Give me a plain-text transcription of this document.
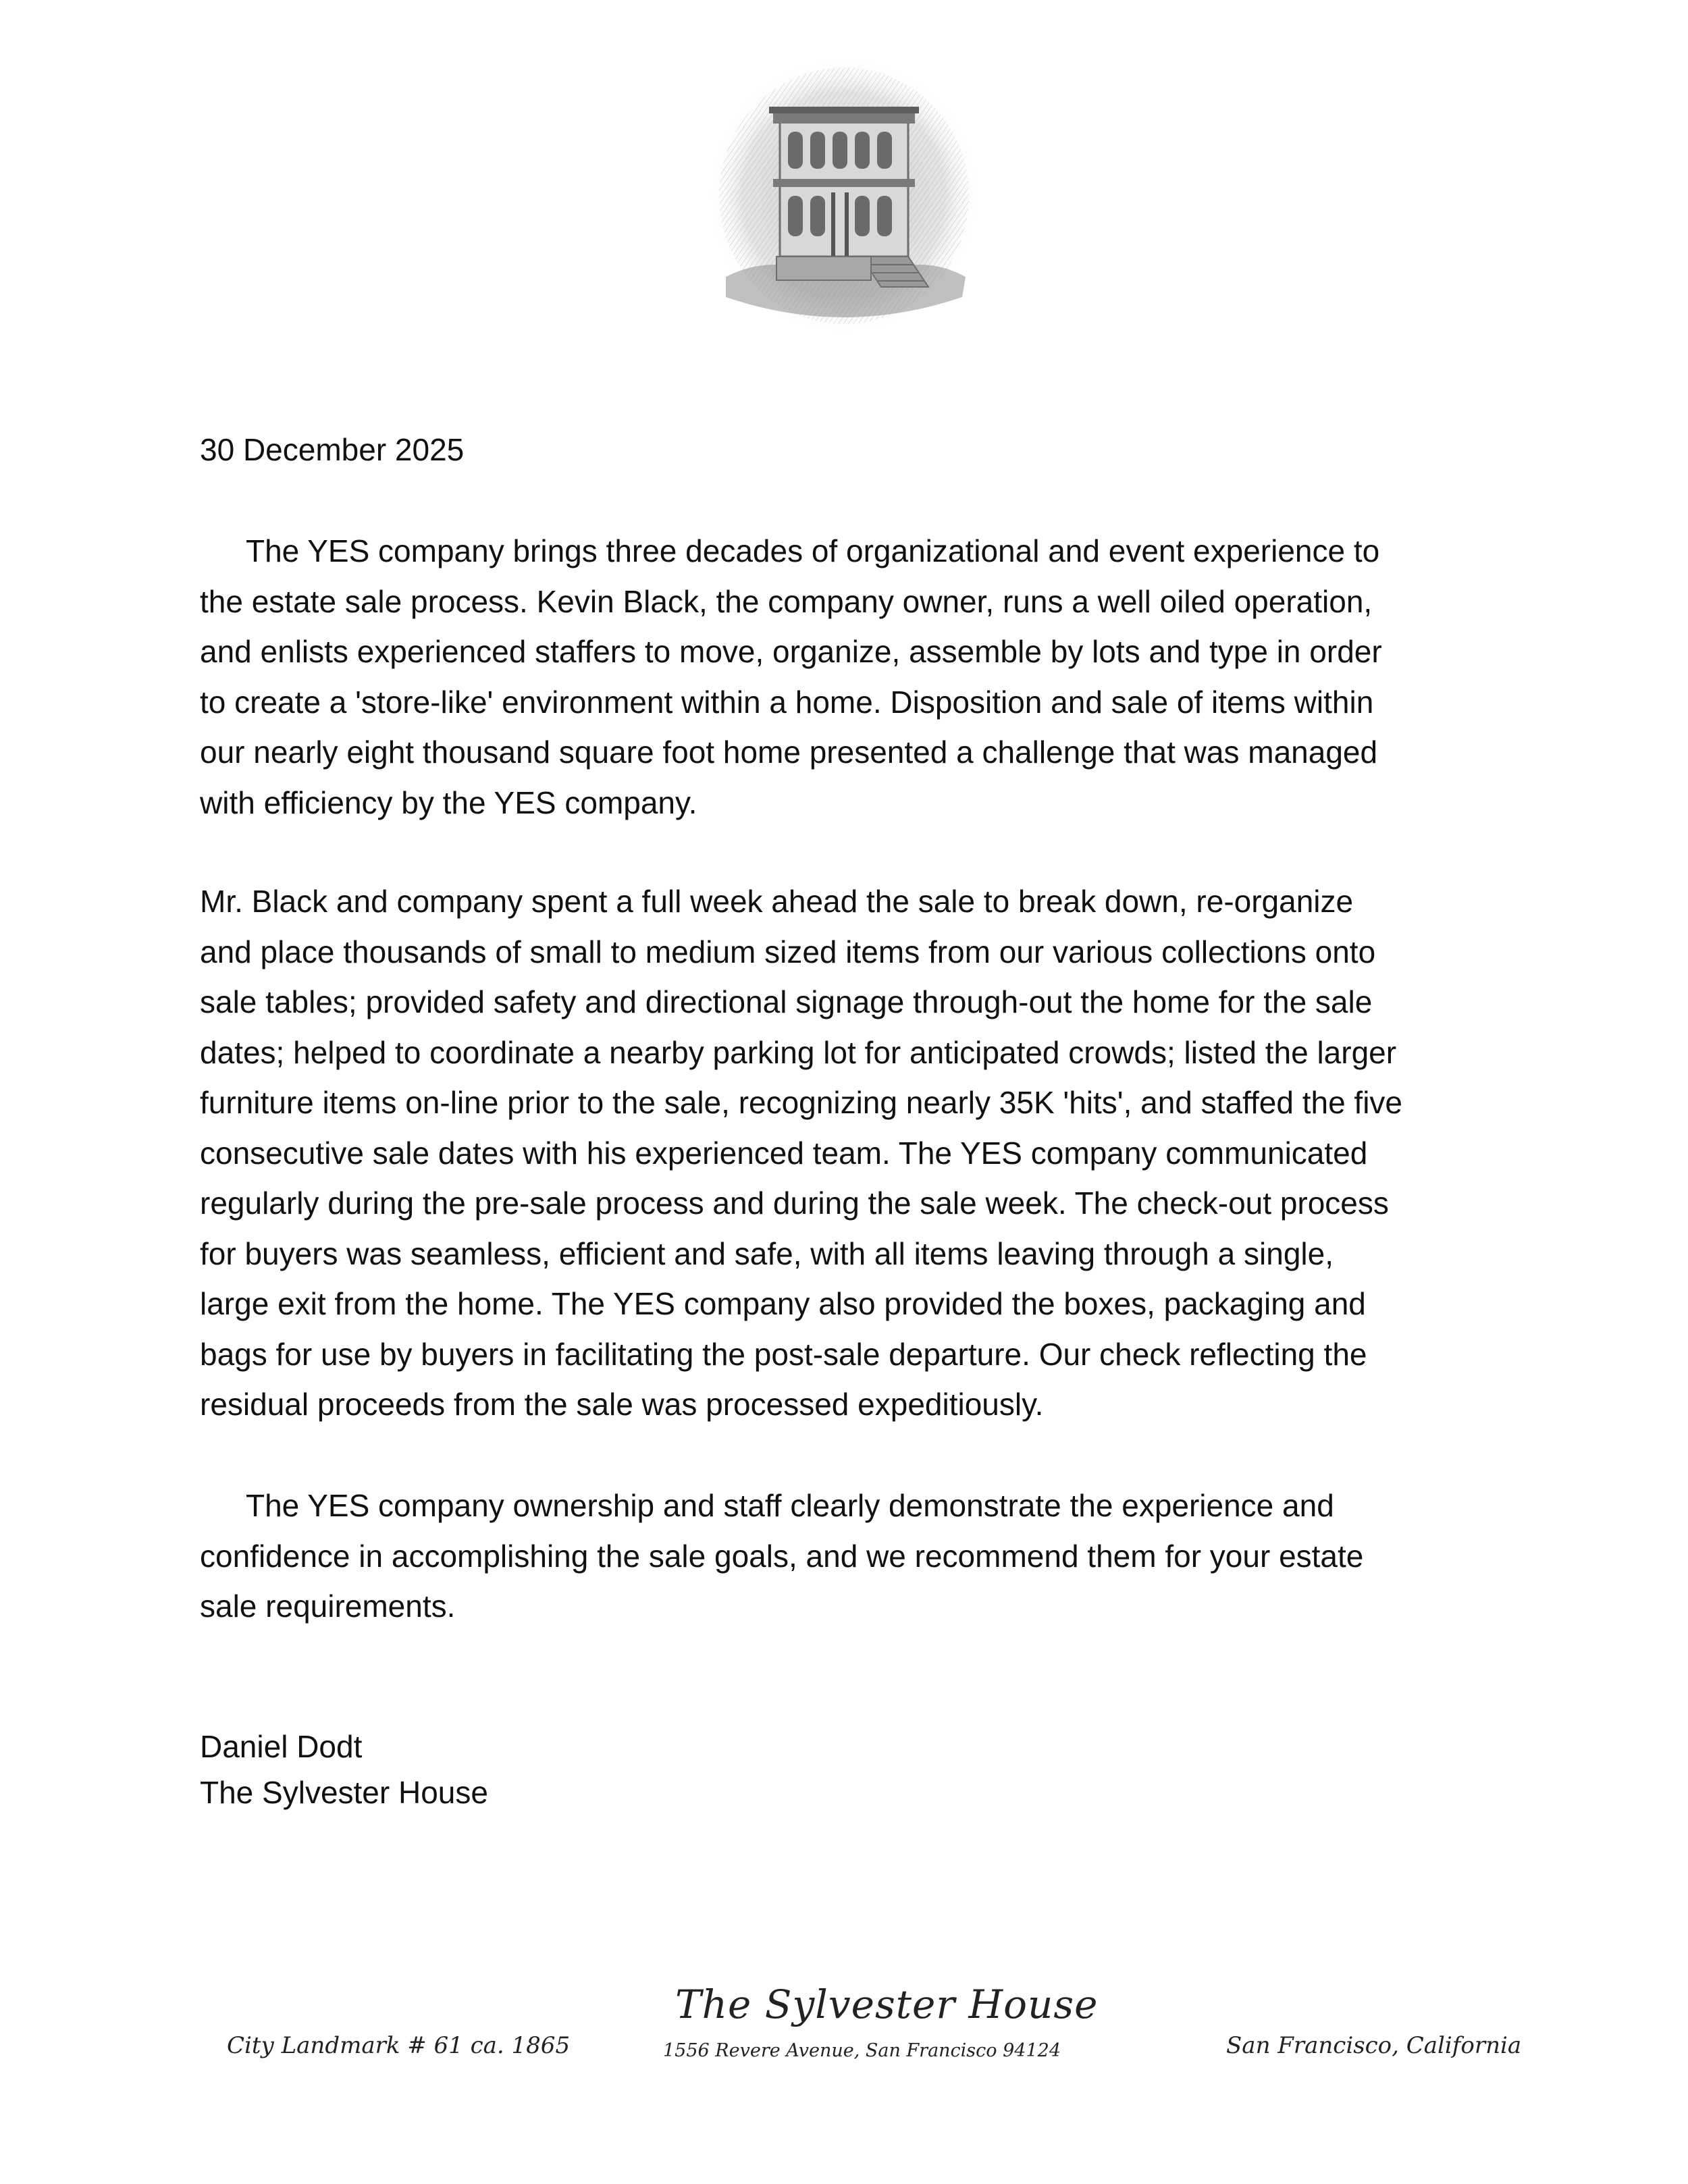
30 December 2025

The YES company brings three decades of organizational and event experience to
the estate sale process. Kevin Black, the company owner, runs a well oiled operation,
and enlists experienced staffers to move, organize, assemble by lots and type in order
to create a 'store-like' environment within a home. Disposition and sale of items within
our nearly eight thousand square foot home presented a challenge that was managed
with efficiency by the YES company.

Mr. Black and company spent a full week ahead the sale to break down, re-organize
and place thousands of small to medium sized items from our various collections onto
sale tables; provided safety and directional signage through-out the home for the sale
dates; helped to coordinate a nearby parking lot for anticipated crowds; listed the larger
furniture items on-line prior to the sale, recognizing nearly 35K 'hits', and staffed the five
consecutive sale dates with his experienced team. The YES company communicated
regularly during the pre-sale process and during the sale week. The check-out process
for buyers was seamless, efficient and safe, with all items leaving through a single,
large exit from the home. The YES company also provided the boxes, packaging and
bags for use by buyers in facilitating the post-sale departure. Our check reflecting the
residual proceeds from the sale was processed expeditiously.

The YES company ownership and staff clearly demonstrate the experience and
confidence in accomplishing the sale goals, and we recommend them for your estate
sale requirements.

Daniel Dodt
The Sylvester House
The Sylvester House
1556 Revere Avenue, San Francisco 94124
City Landmark # 61 ca. 1865	San Francisco, California
